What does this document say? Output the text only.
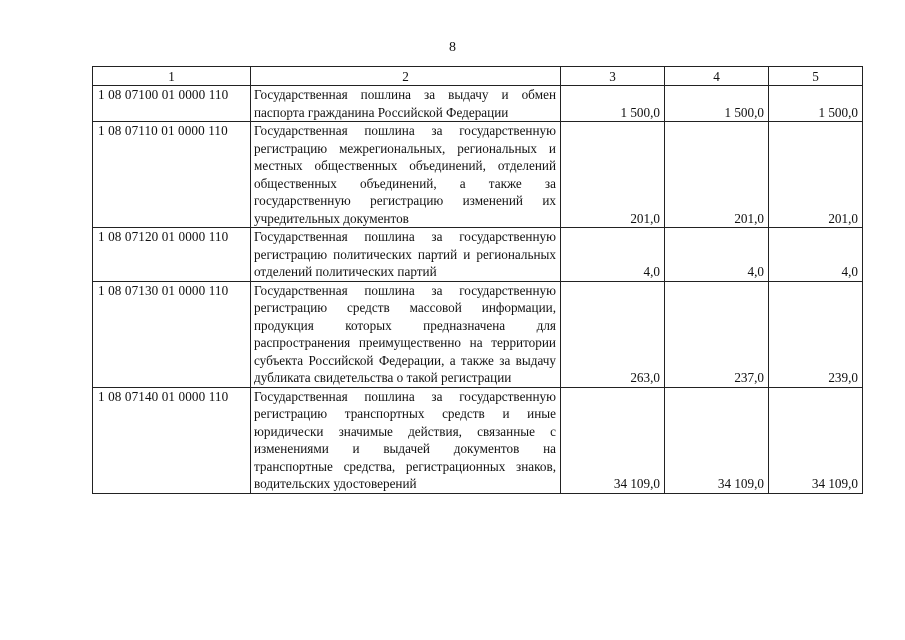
8
1	2	3	4	5
1 08 07100 01 0000 110	Государственная пошлина за выдачу и обмен паспорта гражданина Российской Федерации	1 500,0	1 500,0	1 500,0
1 08 07110 01 0000 110	Государственная пошлина за государственную регистрацию межрегиональных, региональных и местных общественных объединений, отделений общественных объединений, а также за государственную регистрацию изменений их учредительных документов	201,0	201,0	201,0
1 08 07120 01 0000 110	Государственная пошлина за государственную регистрацию политических партий и региональных отделений политических партий	4,0	4,0	4,0
1 08 07130 01 0000 110	Государственная пошлина за государственную регистрацию средств массовой информации, продукция которых предназначена для распространения преимущественно на территории субъекта Российской Федерации, а также за выдачу дубликата свидетельства о такой регистрации	263,0	237,0	239,0
1 08 07140 01 0000 110	Государственная пошлина за государственную регистрацию транспортных средств и иные юридически значимые действия, связанные с изменениями и выдачей документов на транспортные средства, регистрационных знаков, водительских удостоверений	34 109,0	34 109,0	34 109,0
